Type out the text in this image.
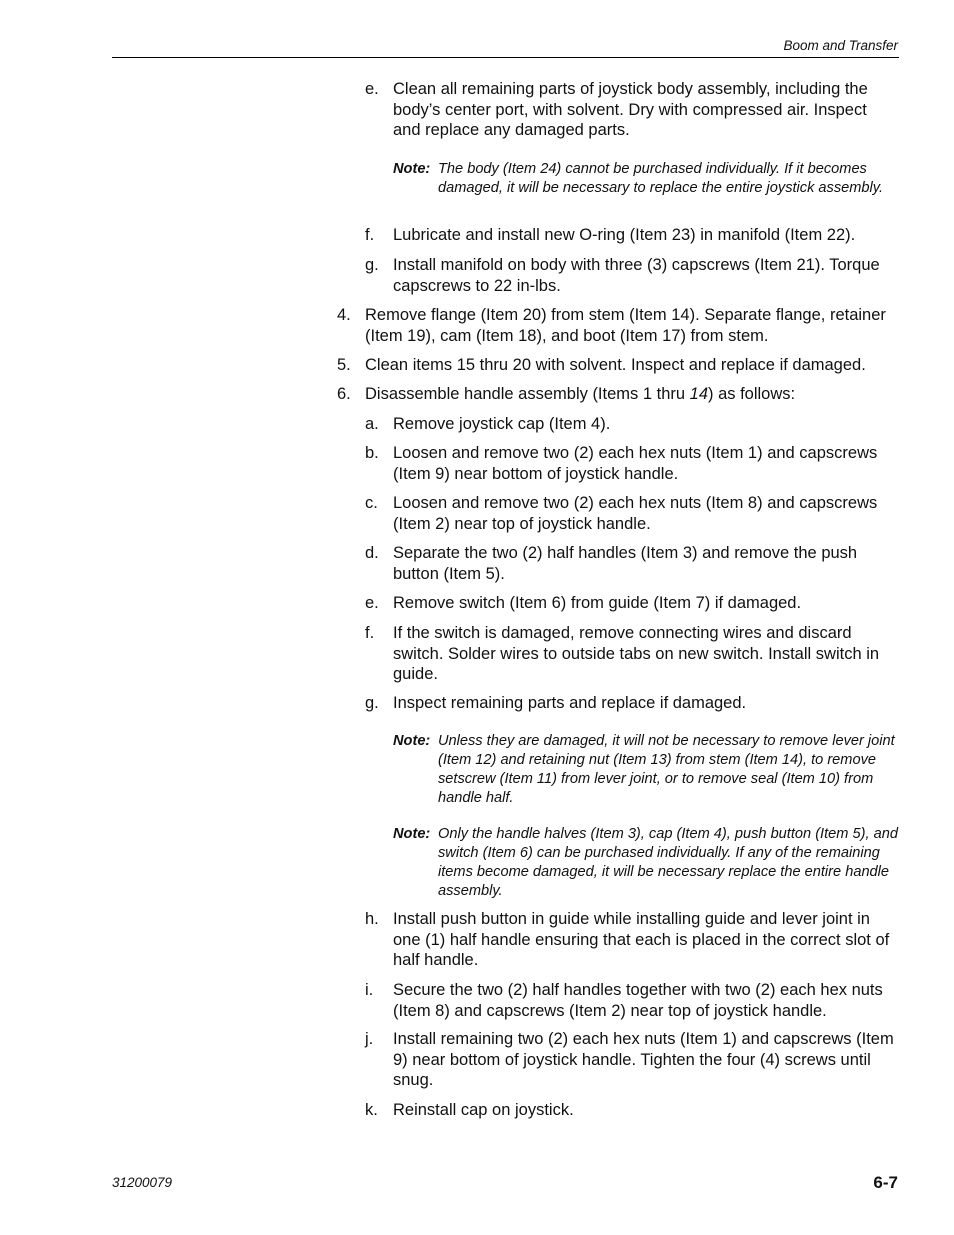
Boom and Transfer
e. Clean all remaining parts of joystick body assembly, including the body’s center port, with solvent. Dry with compressed air. Inspect and replace any damaged parts.
Note: The body (Item 24) cannot be purchased individually. If it becomes damaged, it will be necessary to replace the entire joystick assembly.
f. Lubricate and install new O-ring (Item 23) in manifold (Item 22).
g. Install manifold on body with three (3) capscrews (Item 21). Torque capscrews to 22 in-lbs.
4. Remove flange (Item 20) from stem (Item 14). Separate flange, retainer (Item 19), cam (Item 18), and boot (Item 17) from stem.
5. Clean items 15 thru 20 with solvent. Inspect and replace if damaged.
6. Disassemble handle assembly (Items 1 thru 14) as follows:
a. Remove joystick cap (Item 4).
b. Loosen and remove two (2) each hex nuts (Item 1) and capscrews (Item 9) near bottom of joystick handle.
c. Loosen and remove two (2) each hex nuts (Item 8) and capscrews (Item 2) near top of joystick handle.
d. Separate the two (2) half handles (Item 3) and remove the push button (Item 5).
e. Remove switch (Item 6) from guide (Item 7) if damaged.
f. If the switch is damaged, remove connecting wires and discard switch. Solder wires to outside tabs on new switch. Install switch in guide.
g. Inspect remaining parts and replace if damaged.
Note: Unless they are damaged, it will not be necessary to remove lever joint (Item 12) and retaining nut (Item 13) from stem (Item 14), to remove setscrew (Item 11) from lever joint, or to remove seal (Item 10) from handle half.
Note: Only the handle halves (Item 3), cap (Item 4), push button (Item 5), and switch (Item 6) can be purchased individually. If any of the remaining items become damaged, it will be necessary replace the entire handle assembly.
h. Install push button in guide while installing guide and lever joint in one (1) half handle ensuring that each is placed in the correct slot of half handle.
i. Secure the two (2) half handles together with two (2) each hex nuts (Item 8) and capscrews (Item 2) near top of joystick handle.
j. Install remaining two (2) each hex nuts (Item 1) and capscrews (Item 9) near bottom of joystick handle. Tighten the four (4) screws until snug.
k. Reinstall cap on joystick.
31200079	6-7
